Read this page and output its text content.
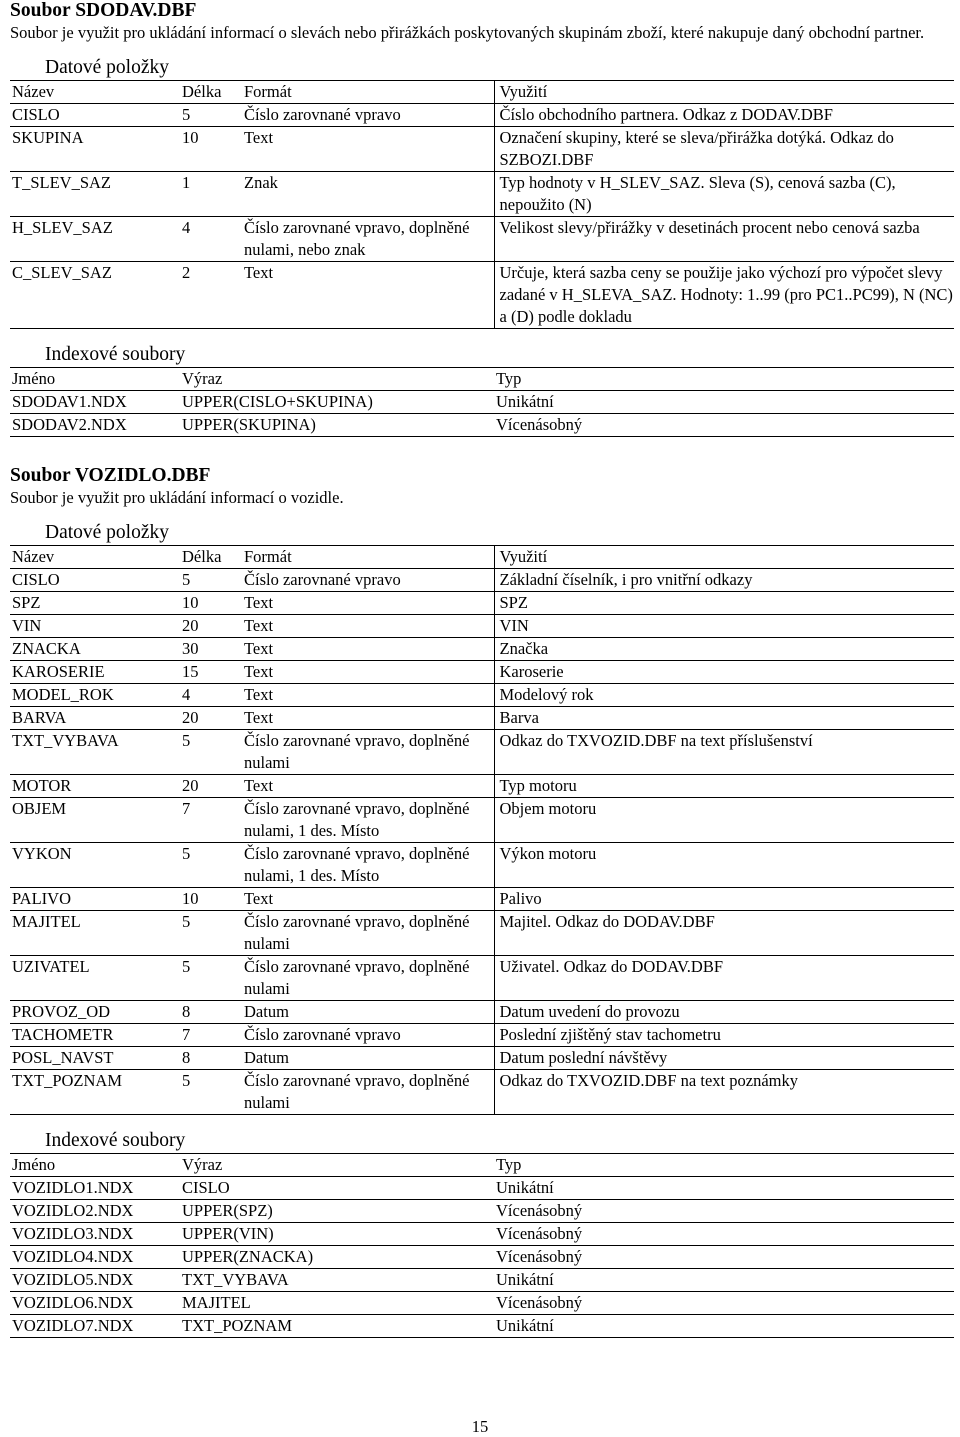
Soubor SDODAV.DBF

Soubor je využit pro ukládání informací o slevách nebo přirážkách poskytovaných skupinám zboží, které nakupuje daný obchodní partner.

Datové položky
Název	Délka	Formát	Využití
CISLO	5	Číslo zarovnané vpravo	Číslo obchodního partnera. Odkaz z DODAV.DBF
SKUPINA	10	Text	Označení skupiny, které se sleva/přirážka dotýká. Odkaz do SZBOZI.DBF
T_SLEV_SAZ	1	Znak	Typ hodnoty v H_SLEV_SAZ. Sleva (S), cenová sazba (C), nepoužito (N)
H_SLEV_SAZ	4	Číslo zarovnané vpravo, doplněné nulami, nebo znak	Velikost slevy/přirážky v desetinách procent nebo cenová sazba
C_SLEV_SAZ	2	Text	Určuje, která sazba ceny se použije jako výchozí pro výpočet slevy zadané v H_SLEVA_SAZ. Hodnoty: 1..99 (pro PC1..PC99), N (NC) a (D) podle dokladu
Indexové soubory
Jméno	Výraz	Typ
SDODAV1.NDX	UPPER(CISLO+SKUPINA)	Unikátní
SDODAV2.NDX	UPPER(SKUPINA)	Vícenásobný
Soubor VOZIDLO.DBF

Soubor je využit pro ukládání informací o vozidle.

Datové položky
Název	Délka	Formát	Využití
CISLO	5	Číslo zarovnané vpravo	Základní číselník, i pro vnitřní odkazy
SPZ	10	Text	SPZ
VIN	20	Text	VIN
ZNACKA	30	Text	Značka
KAROSERIE	15	Text	Karoserie
MODEL_ROK	4	Text	Modelový rok
BARVA	20	Text	Barva
TXT_VYBAVA	5	Číslo zarovnané vpravo, doplněné nulami	Odkaz do TXVOZID.DBF na text příslušenství
MOTOR	20	Text	Typ motoru
OBJEM	7	Číslo zarovnané vpravo, doplněné nulami, 1 des. Místo	Objem motoru
VYKON	5	Číslo zarovnané vpravo, doplněné nulami, 1 des. Místo	Výkon motoru
PALIVO	10	Text	Palivo
MAJITEL	5	Číslo zarovnané vpravo, doplněné nulami	Majitel. Odkaz do DODAV.DBF
UZIVATEL	5	Číslo zarovnané vpravo, doplněné nulami	Uživatel. Odkaz do DODAV.DBF
PROVOZ_OD	8	Datum	Datum uvedení do provozu
TACHOMETR	7	Číslo zarovnané vpravo	Poslední zjištěný stav tachometru
POSL_NAVST	8	Datum	Datum poslední návštěvy
TXT_POZNAM	5	Číslo zarovnané vpravo, doplněné nulami	Odkaz do TXVOZID.DBF na text poznámky
Indexové soubory
Jméno	Výraz	Typ
VOZIDLO1.NDX	CISLO	Unikátní
VOZIDLO2.NDX	UPPER(SPZ)	Vícenásobný
VOZIDLO3.NDX	UPPER(VIN)	Vícenásobný
VOZIDLO4.NDX	UPPER(ZNACKA)	Vícenásobný
VOZIDLO5.NDX	TXT_VYBAVA	Unikátní
VOZIDLO6.NDX	MAJITEL	Vícenásobný
VOZIDLO7.NDX	TXT_POZNAM	Unikátní
15
